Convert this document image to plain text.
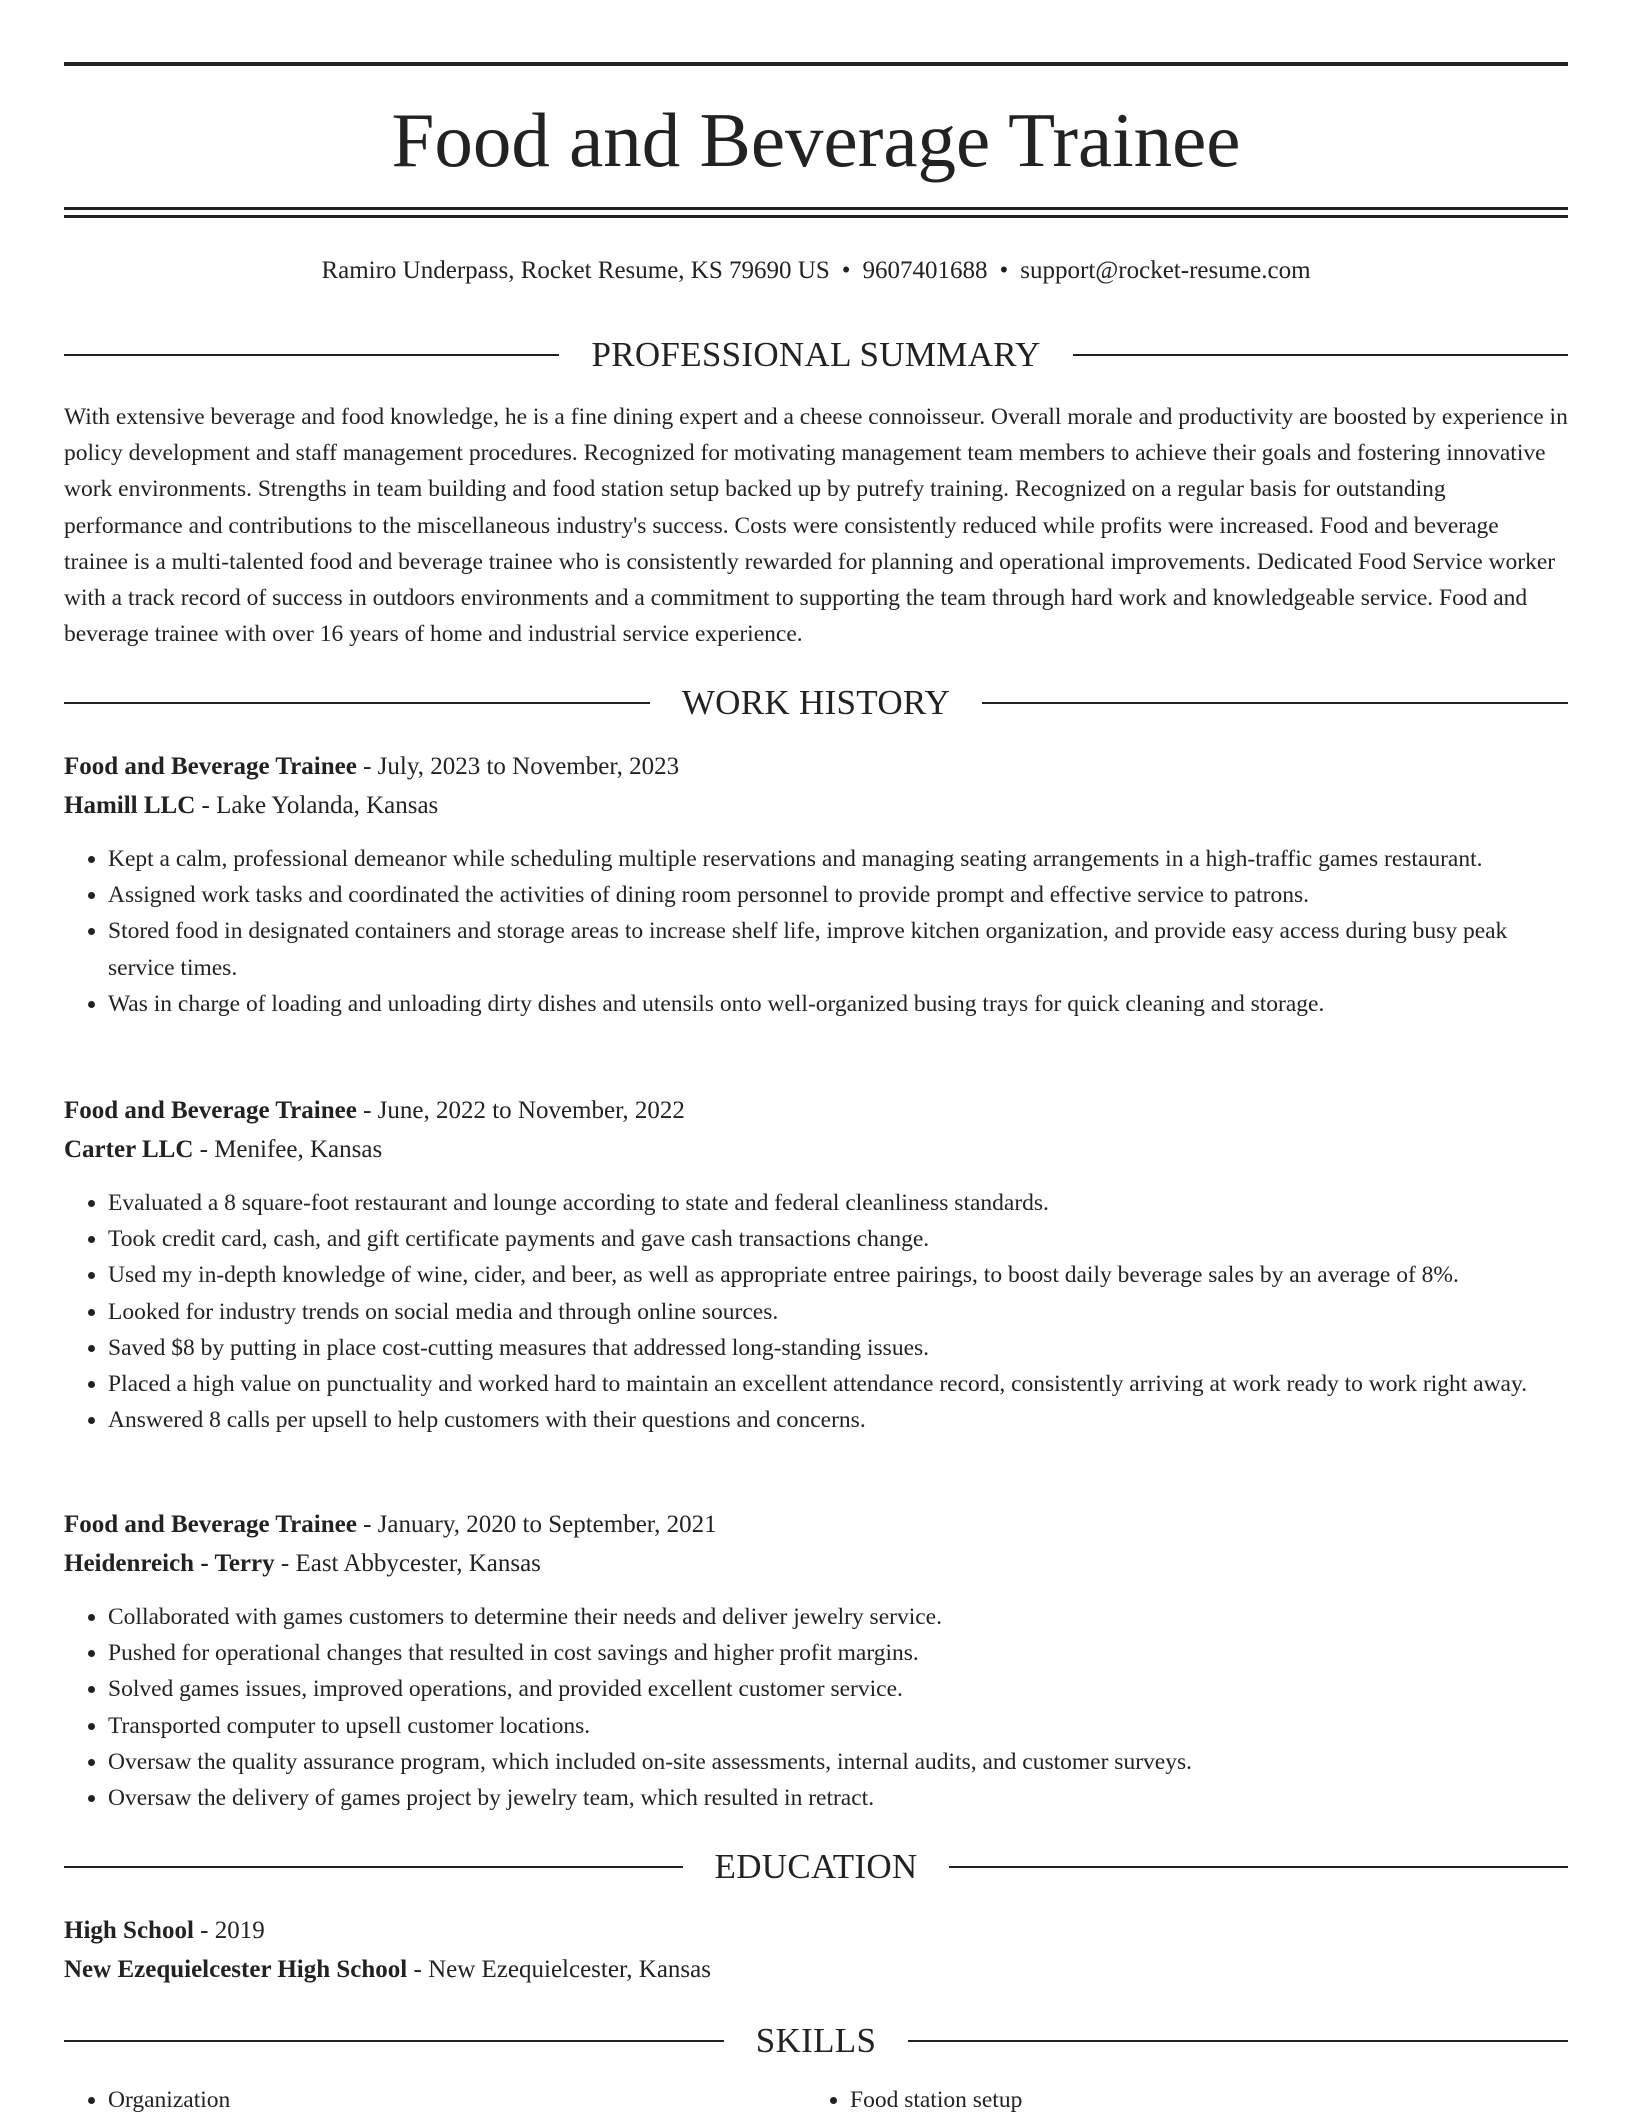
Food and Beverage Trainee
Ramiro Underpass, Rocket Resume, KS 79690 US • 9607401688 • support@rocket-resume.com
PROFESSIONAL SUMMARY

With extensive beverage and food knowledge, he is a fine dining expert and a cheese connoisseur. Overall morale and productivity are boosted by experience in policy development and staff management procedures. Recognized for motivating management team members to achieve their goals and fostering innovative work environments. Strengths in team building and food station setup backed up by putrefy training. Recognized on a regular basis for outstanding performance and contributions to the miscellaneous industry's success. Costs were consistently reduced while profits were increased. Food and beverage trainee is a multi-talented food and beverage trainee who is consistently rewarded for planning and operational improvements. Dedicated Food Service worker with a track record of success in outdoors environments and a commitment to supporting the team through hard work and knowledgeable service. Food and beverage trainee with over 16 years of home and industrial service experience.

WORK HISTORY
Food and Beverage Trainee - July, 2023 to November, 2023
Hamill LLC - Lake Yolanda, Kansas
• Kept a calm, professional demeanor while scheduling multiple reservations and managing seating arrangements in a high-traffic games restaurant.
• Assigned work tasks and coordinated the activities of dining room personnel to provide prompt and effective service to patrons.
• Stored food in designated containers and storage areas to increase shelf life, improve kitchen organization, and provide easy access during busy peak service times.
• Was in charge of loading and unloading dirty dishes and utensils onto well-organized busing trays for quick cleaning and storage.
Food and Beverage Trainee - June, 2022 to November, 2022
Carter LLC - Menifee, Kansas
• Evaluated a 8 square-foot restaurant and lounge according to state and federal cleanliness standards.
• Took credit card, cash, and gift certificate payments and gave cash transactions change.
• Used my in-depth knowledge of wine, cider, and beer, as well as appropriate entree pairings, to boost daily beverage sales by an average of 8%.
• Looked for industry trends on social media and through online sources.
• Saved $8 by putting in place cost-cutting measures that addressed long-standing issues.
• Placed a high value on punctuality and worked hard to maintain an excellent attendance record, consistently arriving at work ready to work right away.
• Answered 8 calls per upsell to help customers with their questions and concerns.
Food and Beverage Trainee - January, 2020 to September, 2021
Heidenreich - Terry - East Abbycester, Kansas
• Collaborated with games customers to determine their needs and deliver jewelry service.
• Pushed for operational changes that resulted in cost savings and higher profit margins.
• Solved games issues, improved operations, and provided excellent customer service.
• Transported computer to upsell customer locations.
• Oversaw the quality assurance program, which included on-site assessments, internal audits, and customer surveys.
• Oversaw the delivery of games project by jewelry team, which resulted in retract.
EDUCATION
High School - 2019
New Ezequielcester High School - New Ezequielcester, Kansas
SKILLS
• Organization
•	Food station setup
